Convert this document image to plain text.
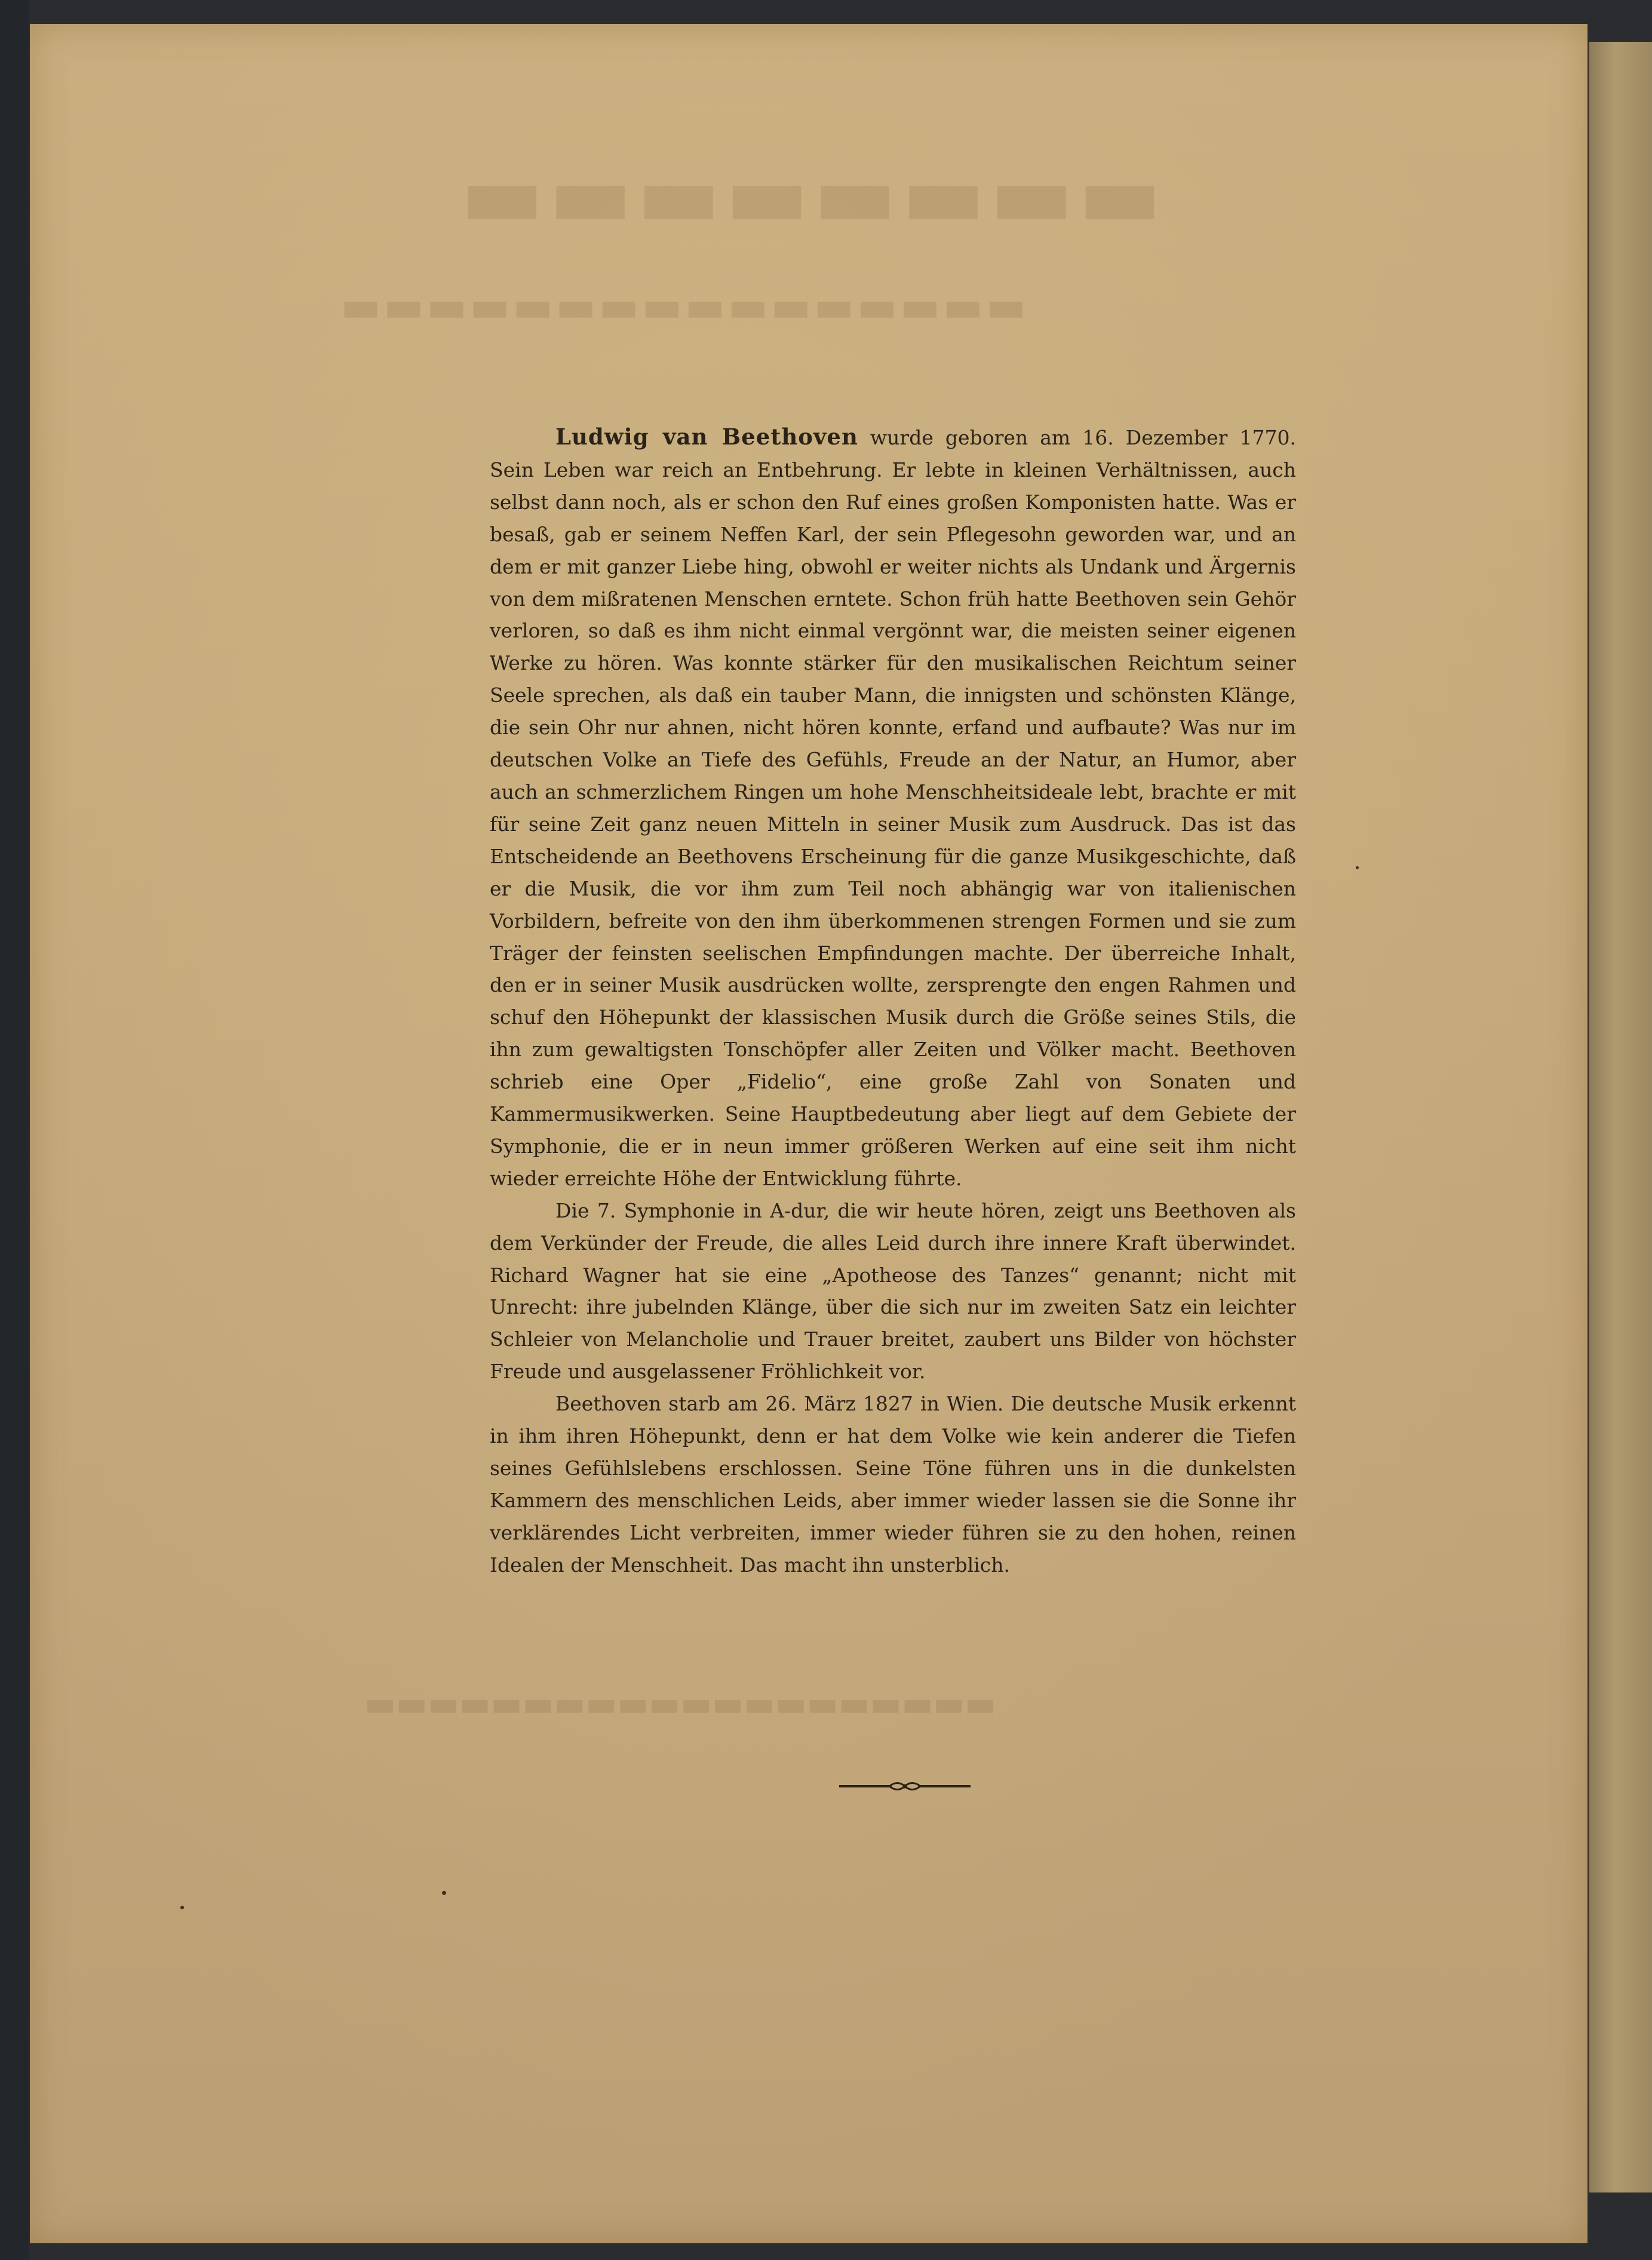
▬▬▬▬▬▬▬▬
▬▬▬▬▬▬▬▬▬▬▬▬▬▬▬▬
▬▬▬▬▬▬▬▬▬▬▬▬▬▬▬▬▬▬▬▬

Ludwig van Beethoven wurde geboren am 16. Dezember 1770. Sein Leben war reich an Entbehrung. Er lebte in kleinen Verhältnissen, auch selbst dann noch, als er schon den Ruf eines großen Komponisten hatte. Was er besaß, gab er seinem Neffen Karl, der sein Pflegesohn geworden war, und an dem er mit ganzer Liebe hing, obwohl er weiter nichts als Undank und Ärgernis von dem mißratenen Menschen erntete. Schon früh hatte Beethoven sein Gehör verloren, so daß es ihm nicht einmal vergönnt war, die meisten seiner eigenen Werke zu hören. Was konnte stärker für den musikalischen Reichtum seiner Seele sprechen, als daß ein tauber Mann, die innigsten und schönsten Klänge, die sein Ohr nur ahnen, nicht hören konnte, erfand und aufbaute? Was nur im deutschen Volke an Tiefe des Gefühls, Freude an der Natur, an Humor, aber auch an schmerzlichem Ringen um hohe Menschheitsideale lebt, brachte er mit für seine Zeit ganz neuen Mitteln in seiner Musik zum Ausdruck. Das ist das Entscheidende an Beethovens Erscheinung für die ganze Musikgeschichte, daß er die Musik, die vor ihm zum Teil noch abhängig war von italienischen Vorbildern, befreite von den ihm überkommenen strengen Formen und sie zum Träger der feinsten seelischen Empfindungen machte. Der überreiche Inhalt, den er in seiner Musik ausdrücken wollte, zersprengte den engen Rahmen und schuf den Höhepunkt der klassischen Musik durch die Größe seines Stils, die ihn zum gewaltigsten Tonschöpfer aller Zeiten und Völker macht. Beethoven schrieb eine Oper „Fidelio“, eine große Zahl von Sonaten und Kammermusikwerken. Seine Hauptbedeutung aber liegt auf dem Gebiete der Symphonie, die er in neun immer größeren Werken auf eine seit ihm nicht wieder erreichte Höhe der Entwicklung führte.

Die 7. Symphonie in A-dur, die wir heute hören, zeigt uns Beethoven als dem Verkünder der Freude, die alles Leid durch ihre innere Kraft überwindet. Richard Wagner hat sie eine „Apotheose des Tanzes“ genannt; nicht mit Unrecht: ihre jubelnden Klänge, über die sich nur im zweiten Satz ein leichter Schleier von Melancholie und Trauer breitet, zaubert uns Bilder von höchster Freude und ausgelassener Fröhlichkeit vor.

Beethoven starb am 26. März 1827 in Wien. Die deutsche Musik erkennt in ihm ihren Höhepunkt, denn er hat dem Volke wie kein anderer die Tiefen seines Gefühlslebens erschlossen. Seine Töne führen uns in die dunkelsten Kammern des menschlichen Leids, aber immer wieder lassen sie die Sonne ihr verklärendes Licht verbreiten, immer wieder führen sie zu den hohen, reinen Idealen der Menschheit. Das macht ihn unsterblich.
